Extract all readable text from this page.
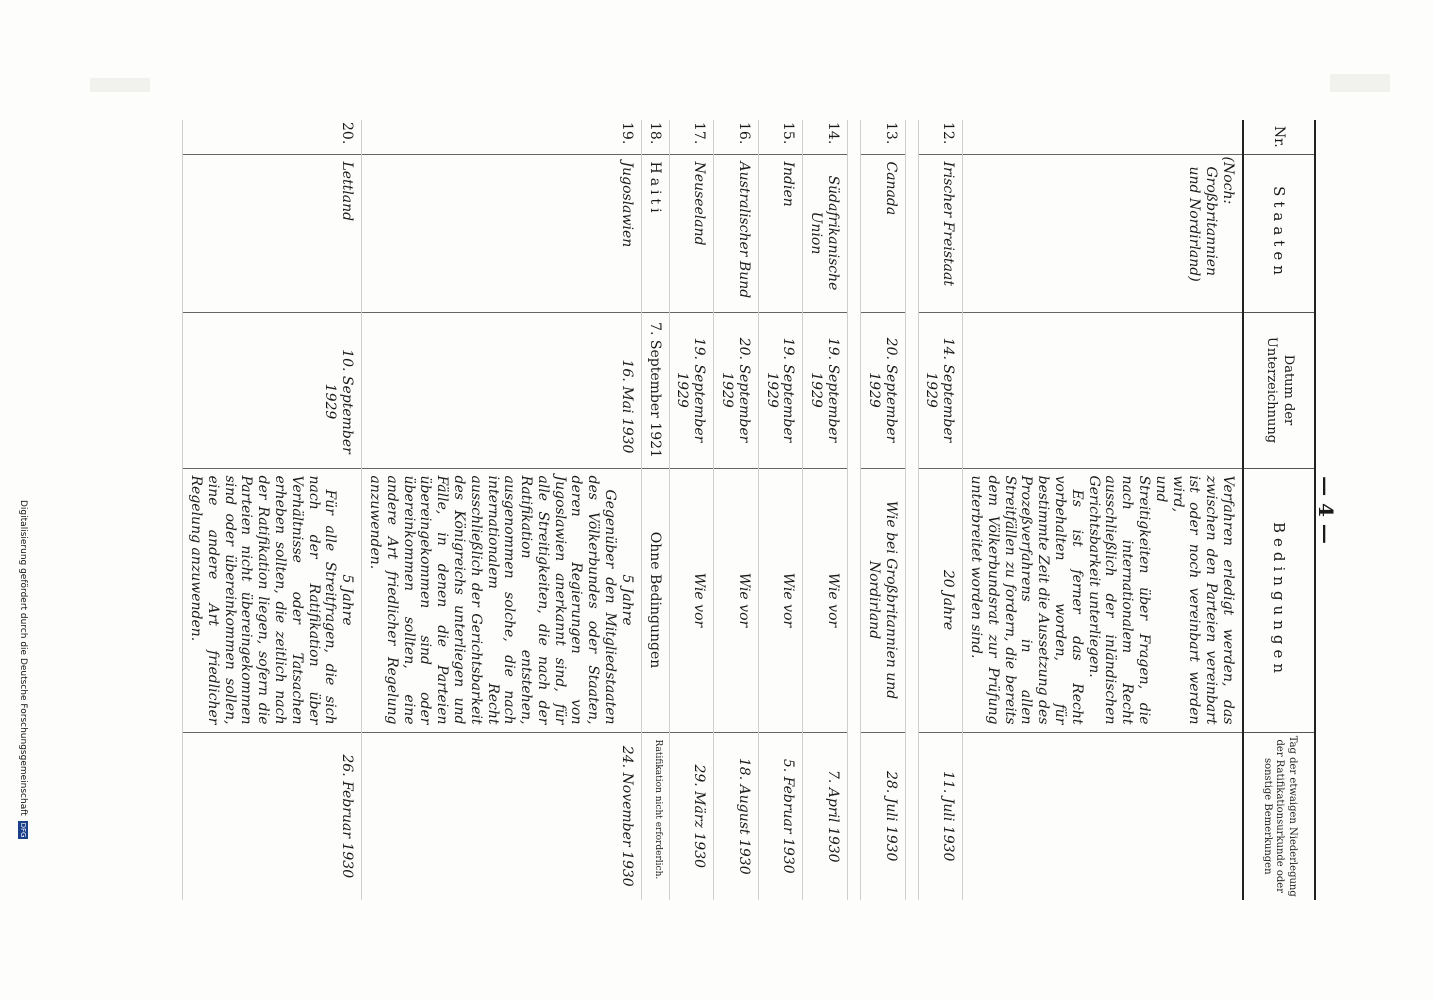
— 4 —
Nr.	Staaten	Datum der Unterzeichnung	Bedingungen	Tag der etwaigen Niederlegung der Ratifikationsurkunde oder sonstige Bemerkungen
	(Noch: Großbritannien und Nordirland)		Verfahren erledigt werden, das zwischen den Parteien vereinbart ist oder noch vereinbart werden wird,

und

Streitigkeiten über Fragen, die nach internationalem Recht ausschließlich der inländischen Gerichtsbarkeit unterliegen.

Es ist ferner das Recht vorbehalten worden, für bestimmte Zeit die Aussetzung des Prozeßverfahrens in allen Streitfällen zu fordern, die bereits dem Völkerbundsrat zur Prüfung unterbreitet worden sind.	

12.	Irischer Freistaat	14. September 1929	20 Jahre	11. Juli 1930

13.	Canada	20. September 1929	Wie bei Großbritannien und Nordirland	28. Juli 1930

14.	Südafrikanische Union	19. September 1929	Wie vor	7. April 1930
15.	Indien	19. September 1929	Wie vor	5. Februar 1930
16.	Australischer Bund	20. September 1929	Wie vor	18. August 1930
17.	Neuseeland	19. September 1929	Wie vor	29. März 1930
18.	Haiti	7. September 1921	Ohne Bedingungen	Ratifikation nicht erforderlich.
19.	Jugoslawien	16. Mai 1930	5 Jahre

Gegenüber den Mitgliedstaaten des Völkerbundes oder Staaten, deren Regierungen von Jugoslawien anerkannt sind, für alle Streitigkeiten, die nach der Ratifikation entstehen, ausgenommen solche, die nach internationalem Recht ausschließlich der Gerichtsbarkeit des Königreichs unterliegen und Fälle, in denen die Parteien übereingekommen sind oder übereinkommen sollten, eine andere Art friedlicher Regelung anzuwenden.	24. November 1930
20.	Lettland	10. September 1929	5 Jahre

Für alle Streitfragen, die sich nach der Ratifikation über Verhältnisse oder Tatsachen erheben sollten, die zeitlich nach der Ratifikation liegen, sofern die Parteien nicht übereingekommen sind oder übereinkommen sollen, eine andere Art friedlicher Regelung anzuwenden.	26. Februar 1930
Digitalisierung gefördert durch die Deutsche Forschungsgemeinschaft DFG
